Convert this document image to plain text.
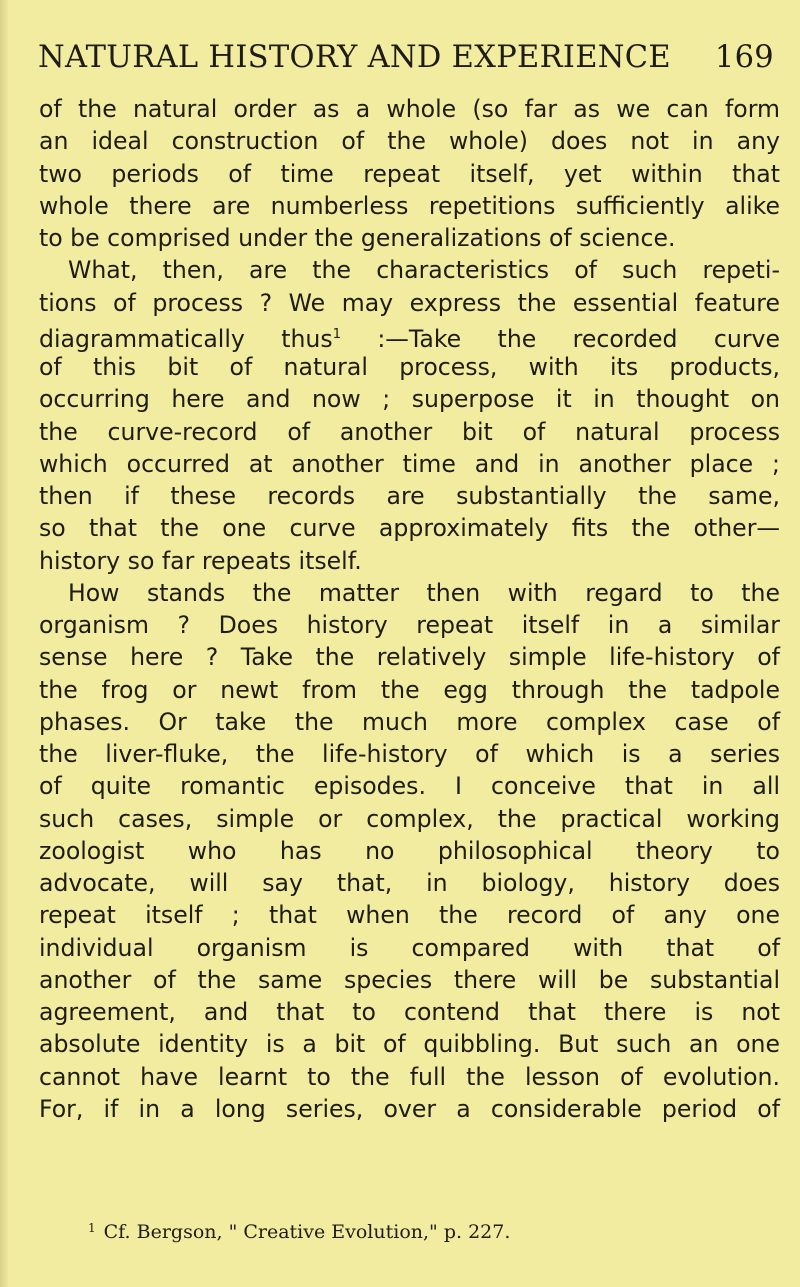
NATURAL HISTORY AND EXPERIENCE 169
of the natural order as a whole (so far as we can form
an ideal construction of the whole) does not in any
two periods of time repeat itself, yet within that
whole there are numberless repetitions sufficiently alike
to be comprised under the generalizations of science.
What, then, are the characteristics of such repeti-
tions of process ? We may express the essential feature
diagrammatically thus$^1$ :—Take the recorded curve
of this bit of natural process, with its products,
occurring here and now ; superpose it in thought on
the curve-record of another bit of natural process
which occurred at another time and in another place ;
then if these records are substantially the same,
so that the one curve approximately fits the other—
history so far repeats itself.
How stands the matter then with regard to the
organism ? Does history repeat itself in a similar
sense here ? Take the relatively simple life-history of
the frog or newt from the egg through the tadpole
phases. Or take the much more complex case of
the liver-fluke, the life-history of which is a series
of quite romantic episodes. I conceive that in all
such cases, simple or complex, the practical working
zoologist who has no philosophical theory to
advocate, will say that, in biology, history does
repeat itself ; that when the record of any one
individual organism is compared with that of
another of the same species there will be substantial
agreement, and that to contend that there is not
absolute identity is a bit of quibbling. But such an one
cannot have learnt to the full the lesson of evolution.
For, if in a long series, over a considerable period of
$^1$ Cf. Bergson, " Creative Evolution," p. 227.
